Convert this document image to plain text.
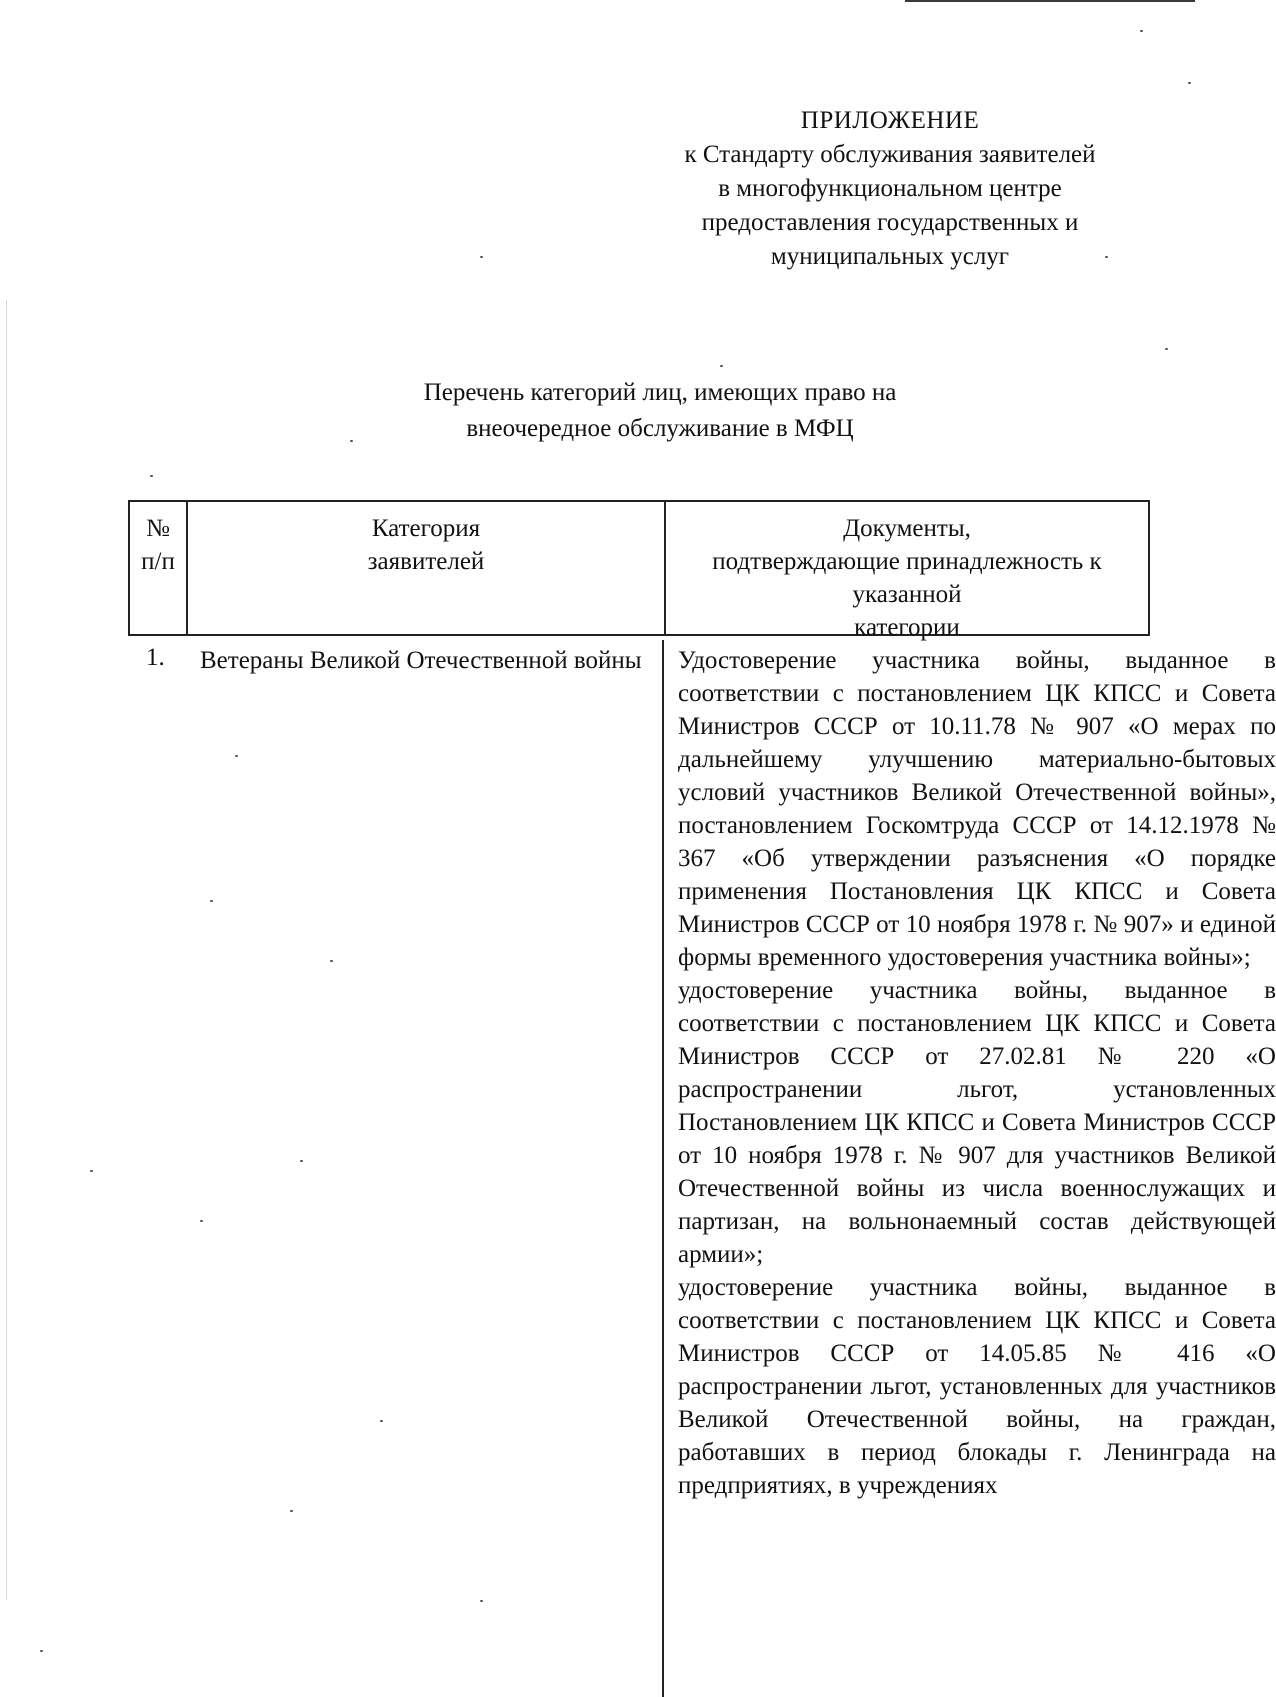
ПРИЛОЖЕНИЕ
к Стандарту обслуживания заявителей
в многофункциональном центре
предоставления государственных и
муниципальных услуг
Перечень категорий лиц, имеющих право на
внеочередное обслуживание в МФЦ
№
п/п
Категория
заявителей
Документы,
подтверждающие принадлежность к указанной
категории
1. Ветераны Великой Отечественной войны	Удостоверение участника войны, выданное в соответствии с постановлением ЦК КПСС и Совета Министров СССР от 10.11.78 № 907 «О мерах по дальнейшему улучшению материально-бытовых условий участников Великой Отечественной войны», постановлением Госкомтруда СССР от 14.12.1978 № 367 «Об утверждении разъяснения «О порядке применения Постановления ЦК КПСС и Совета Министров СССР от 10 ноября 1978 г. № 907» и единой формы временного удостоверения участника войны»;

удостоверение участника войны, выданное в соответствии с постановлением ЦК КПСС и Совета Министров СССР от 27.02.81 № 220 «О распространении льгот, установленных Постановлением ЦК КПСС и Совета Министров СССР от 10 ноября 1978 г. № 907 для участников Великой Отечественной войны из числа военнослужащих и партизан, на вольнонаемный состав действующей армии»;

удостоверение участника войны, выданное в соответствии с постановлением ЦК КПСС и Совета Министров СССР от 14.05.85 № 416 «О распространении льгот, установленных для участников Великой Отечественной войны, на граждан, работавших в период блокады г. Ленинграда на предприятиях, в учреждениях
